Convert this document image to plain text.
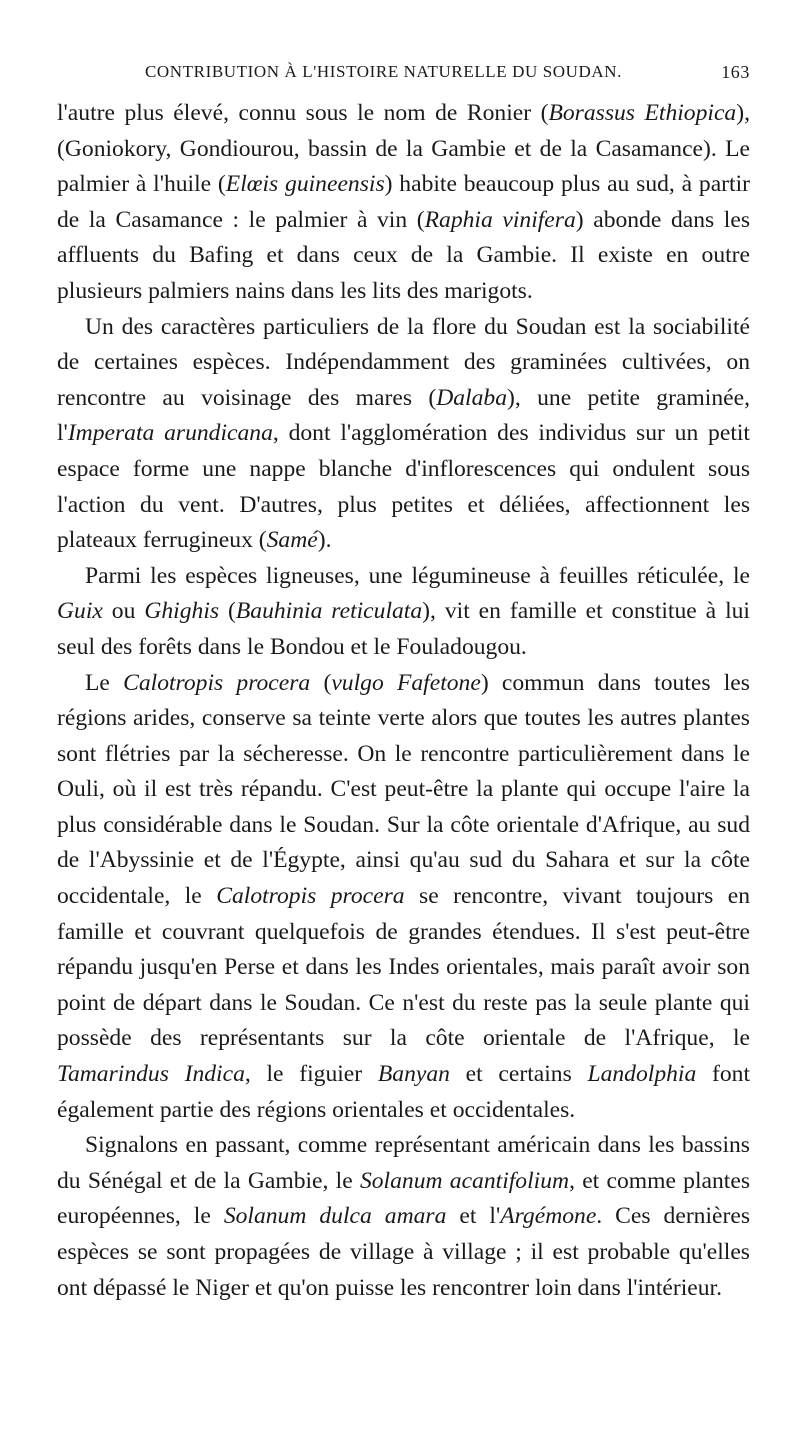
CONTRIBUTION À L'HISTOIRE NATURELLE DU SOUDAN.	163

l'autre plus élevé, connu sous le nom de Ronier (Borassus Ethiopica), (Goniokory, Gondiourou, bassin de la Gambie et de la Casamance). Le palmier à l'huile (Elœis guineensis) habite beaucoup plus au sud, à partir de la Casamance : le palmier à vin (Raphia vinifera) abonde dans les affluents du Bafing et dans ceux de la Gambie. Il existe en outre plusieurs palmiers nains dans les lits des marigots.

Un des caractères particuliers de la flore du Soudan est la sociabilité de certaines espèces. Indépendamment des graminées cultivées, on rencontre au voisinage des mares (Dalaba), une petite graminée, l'Imperata arundicana, dont l'agglomération des individus sur un petit espace forme une nappe blanche d'inflorescences qui ondulent sous l'action du vent. D'autres, plus petites et déliées, affectionnent les plateaux ferrugineux (Samé).

Parmi les espèces ligneuses, une légumineuse à feuilles réticulée, le Guix ou Ghighis (Bauhinia reticulata), vit en famille et constitue à lui seul des forêts dans le Bondou et le Fouladougou.

Le Calotropis procera (vulgo Fafetone) commun dans toutes les régions arides, conserve sa teinte verte alors que toutes les autres plantes sont flétries par la sécheresse. On le rencontre particulièrement dans le Ouli, où il est très répandu. C'est peut-être la plante qui occupe l'aire la plus considérable dans le Soudan. Sur la côte orientale d'Afrique, au sud de l'Abyssinie et de l'Égypte, ainsi qu'au sud du Sahara et sur la côte occidentale, le Calotropis procera se rencontre, vivant toujours en famille et couvrant quelquefois de grandes étendues. Il s'est peut-être répandu jusqu'en Perse et dans les Indes orientales, mais paraît avoir son point de départ dans le Soudan. Ce n'est du reste pas la seule plante qui possède des représentants sur la côte orientale de l'Afrique, le Tamarindus Indica, le figuier Banyan et certains Landolphia font également partie des régions orientales et occidentales.

Signalons en passant, comme représentant américain dans les bassins du Sénégal et de la Gambie, le Solanum acantifolium, et comme plantes européennes, le Solanum dulca amara et l'Argémone. Ces dernières espèces se sont propagées de village à village ; il est probable qu'elles ont dépassé le Niger et qu'on puisse les rencontrer loin dans l'intérieur.
